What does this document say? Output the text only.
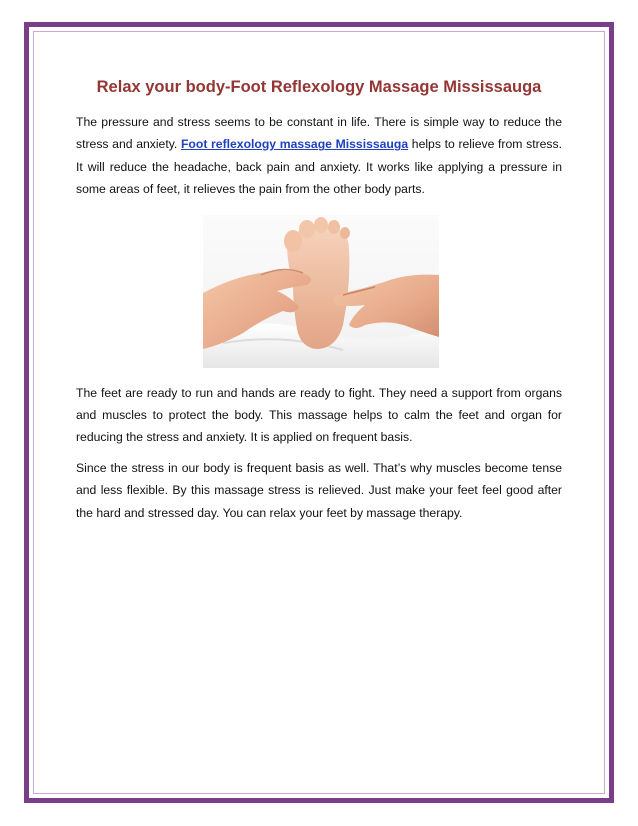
Relax your body-Foot Reflexology Massage Mississauga

The pressure and stress seems to be constant in life. There is simple way to reduce the stress and anxiety. Foot reflexology massage Mississauga helps to relieve from stress. It will reduce the headache, back pain and anxiety. It works like applying a pressure in some areas of feet, it relieves the pain from the other body parts.

The feet are ready to run and hands are ready to fight. They need a support from organs and muscles to protect the body. This massage helps to calm the feet and organ for reducing the stress and anxiety. It is applied on frequent basis.

Since the stress in our body is frequent basis as well. That’s why muscles become tense and less flexible. By this massage stress is relieved. Just make your feet feel good after the hard and stressed day. You can relax your feet by massage therapy.
